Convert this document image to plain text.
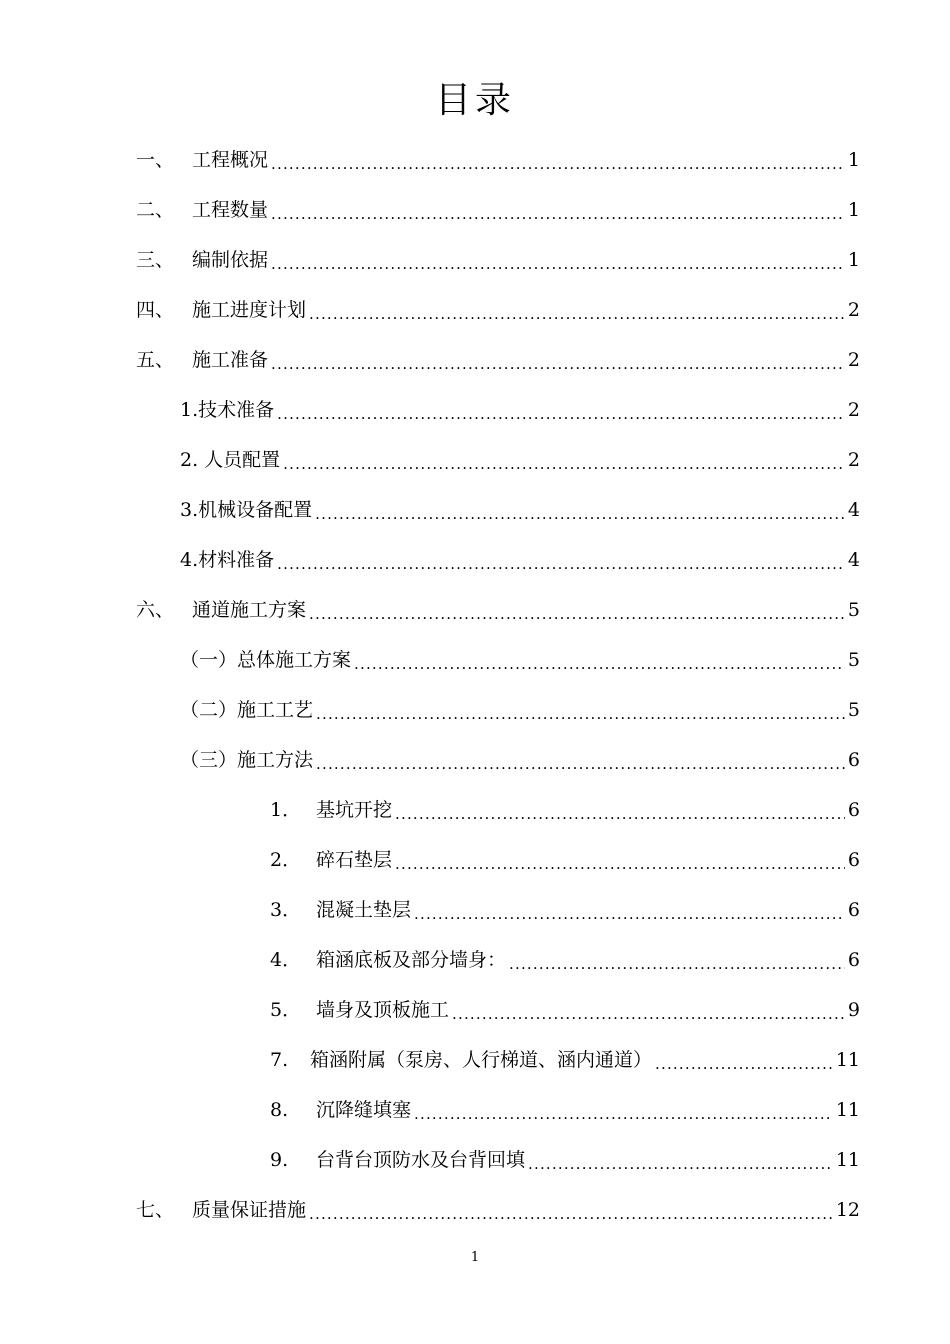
目录
一、 工程概况 .....	1
二、 工程数量 .....	1
三、 编制依据 .....	1
四、 施工进度计划 .....	2
五、 施工准备 .....	2
1.技术准备 .....	2
2. 人员配置 .....	2
3.机械设备配置 .....	4
4.材料准备 .....	4
六、 通道施工方案 .....	5
（一）总体施工方案 .....	5
（二）施工工艺 .....	5
（三）施工方法 .....	6
1． 基坑开挖 .....	6
2． 碎石垫层 .....	6
3． 混凝土垫层 .....	6
4． 箱涵底板及部分墙身： .....	6
5． 墙身及顶板施工 .....	9
7.	箱涵附属（泵房、人行梯道、涵内通道） .....	11
8.	沉降缝填塞 .....	11
9.	台背台顶防水及台背回填 .....	11
七、 质量保证措施 .....	12
1
